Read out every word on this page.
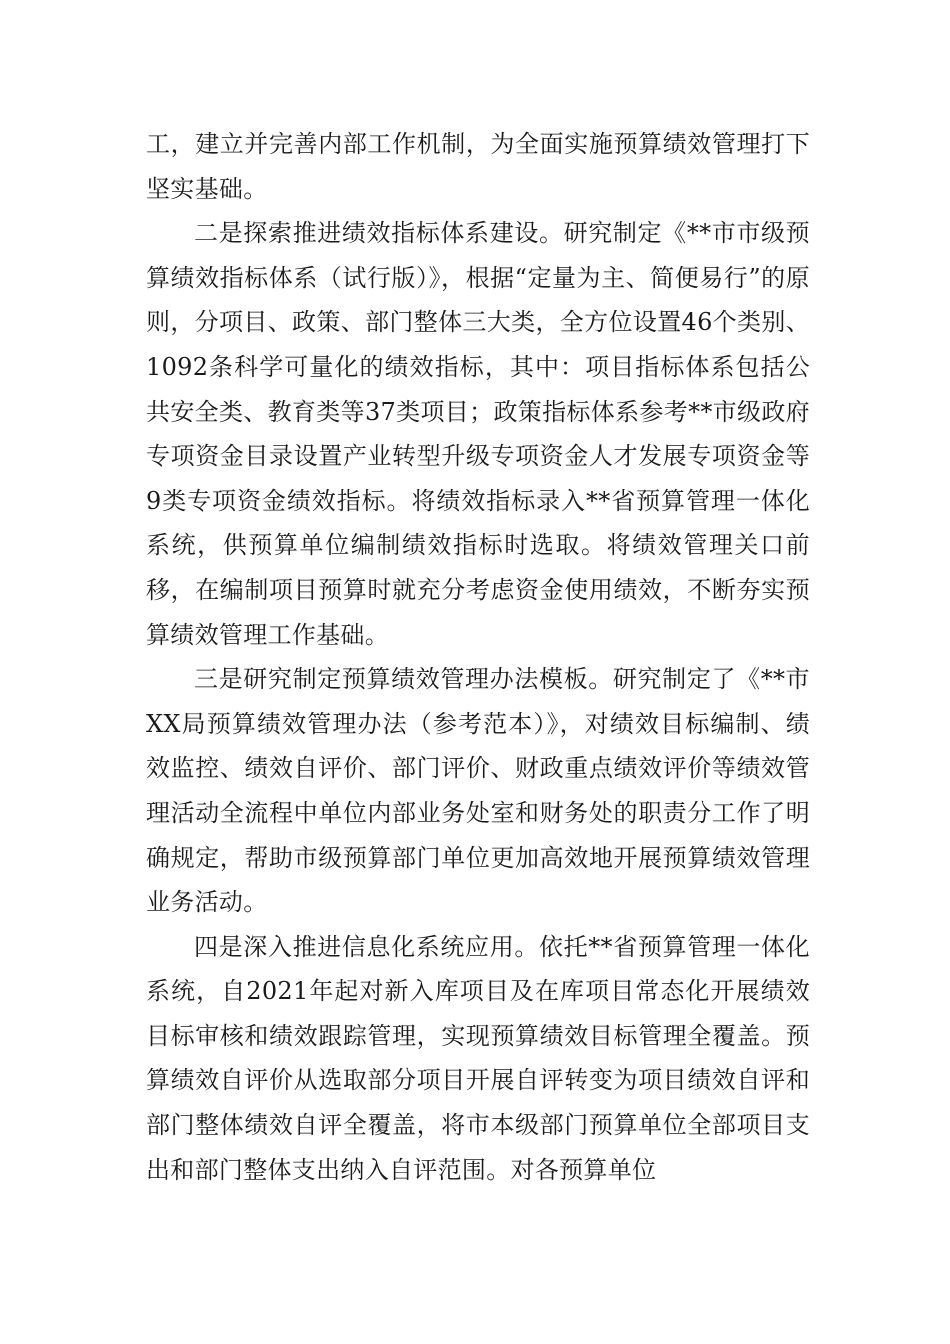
工，建立并完善内部工作机制，为全面实施预算绩效管理打下坚实基础。

二是探索推进绩效指标体系建设。研究制定《**市市级预算绩效指标体系（试行版）》，根据“定量为主、简便易行”的原则，分项目、政策、部门整体三大类，全方位设置46个类别、1092条科学可量化的绩效指标，其中：项目指标体系包括公共安全类、教育类等37类项目；政策指标体系参考**市级政府专项资金目录设置产业转型升级专项资金人才发展专项资金等9类专项资金绩效指标。将绩效指标录入**省预算管理一体化系统，供预算单位编制绩效指标时选取。将绩效管理关口前移，在编制项目预算时就充分考虑资金使用绩效，不断夯实预算绩效管理工作基础。

三是研究制定预算绩效管理办法模板。研究制定了《**市XX局预算绩效管理办法（参考范本）》，对绩效目标编制、绩效监控、绩效自评价、部门评价、财政重点绩效评价等绩效管理活动全流程中单位内部业务处室和财务处的职责分工作了明确规定，帮助市级预算部门单位更加高效地开展预算绩效管理业务活动。

四是深入推进信息化系统应用。依托**省预算管理一体化系统，自2021年起对新入库项目及在库项目常态化开展绩效目标审核和绩效跟踪管理，实现预算绩效目标管理全覆盖。预算绩效自评价从选取部分项目开展自评转变为项目绩效自评和部门整体绩效自评全覆盖，将市本级部门预算单位全部项目支出和部门整体支出纳入自评范围。对各预算单位
